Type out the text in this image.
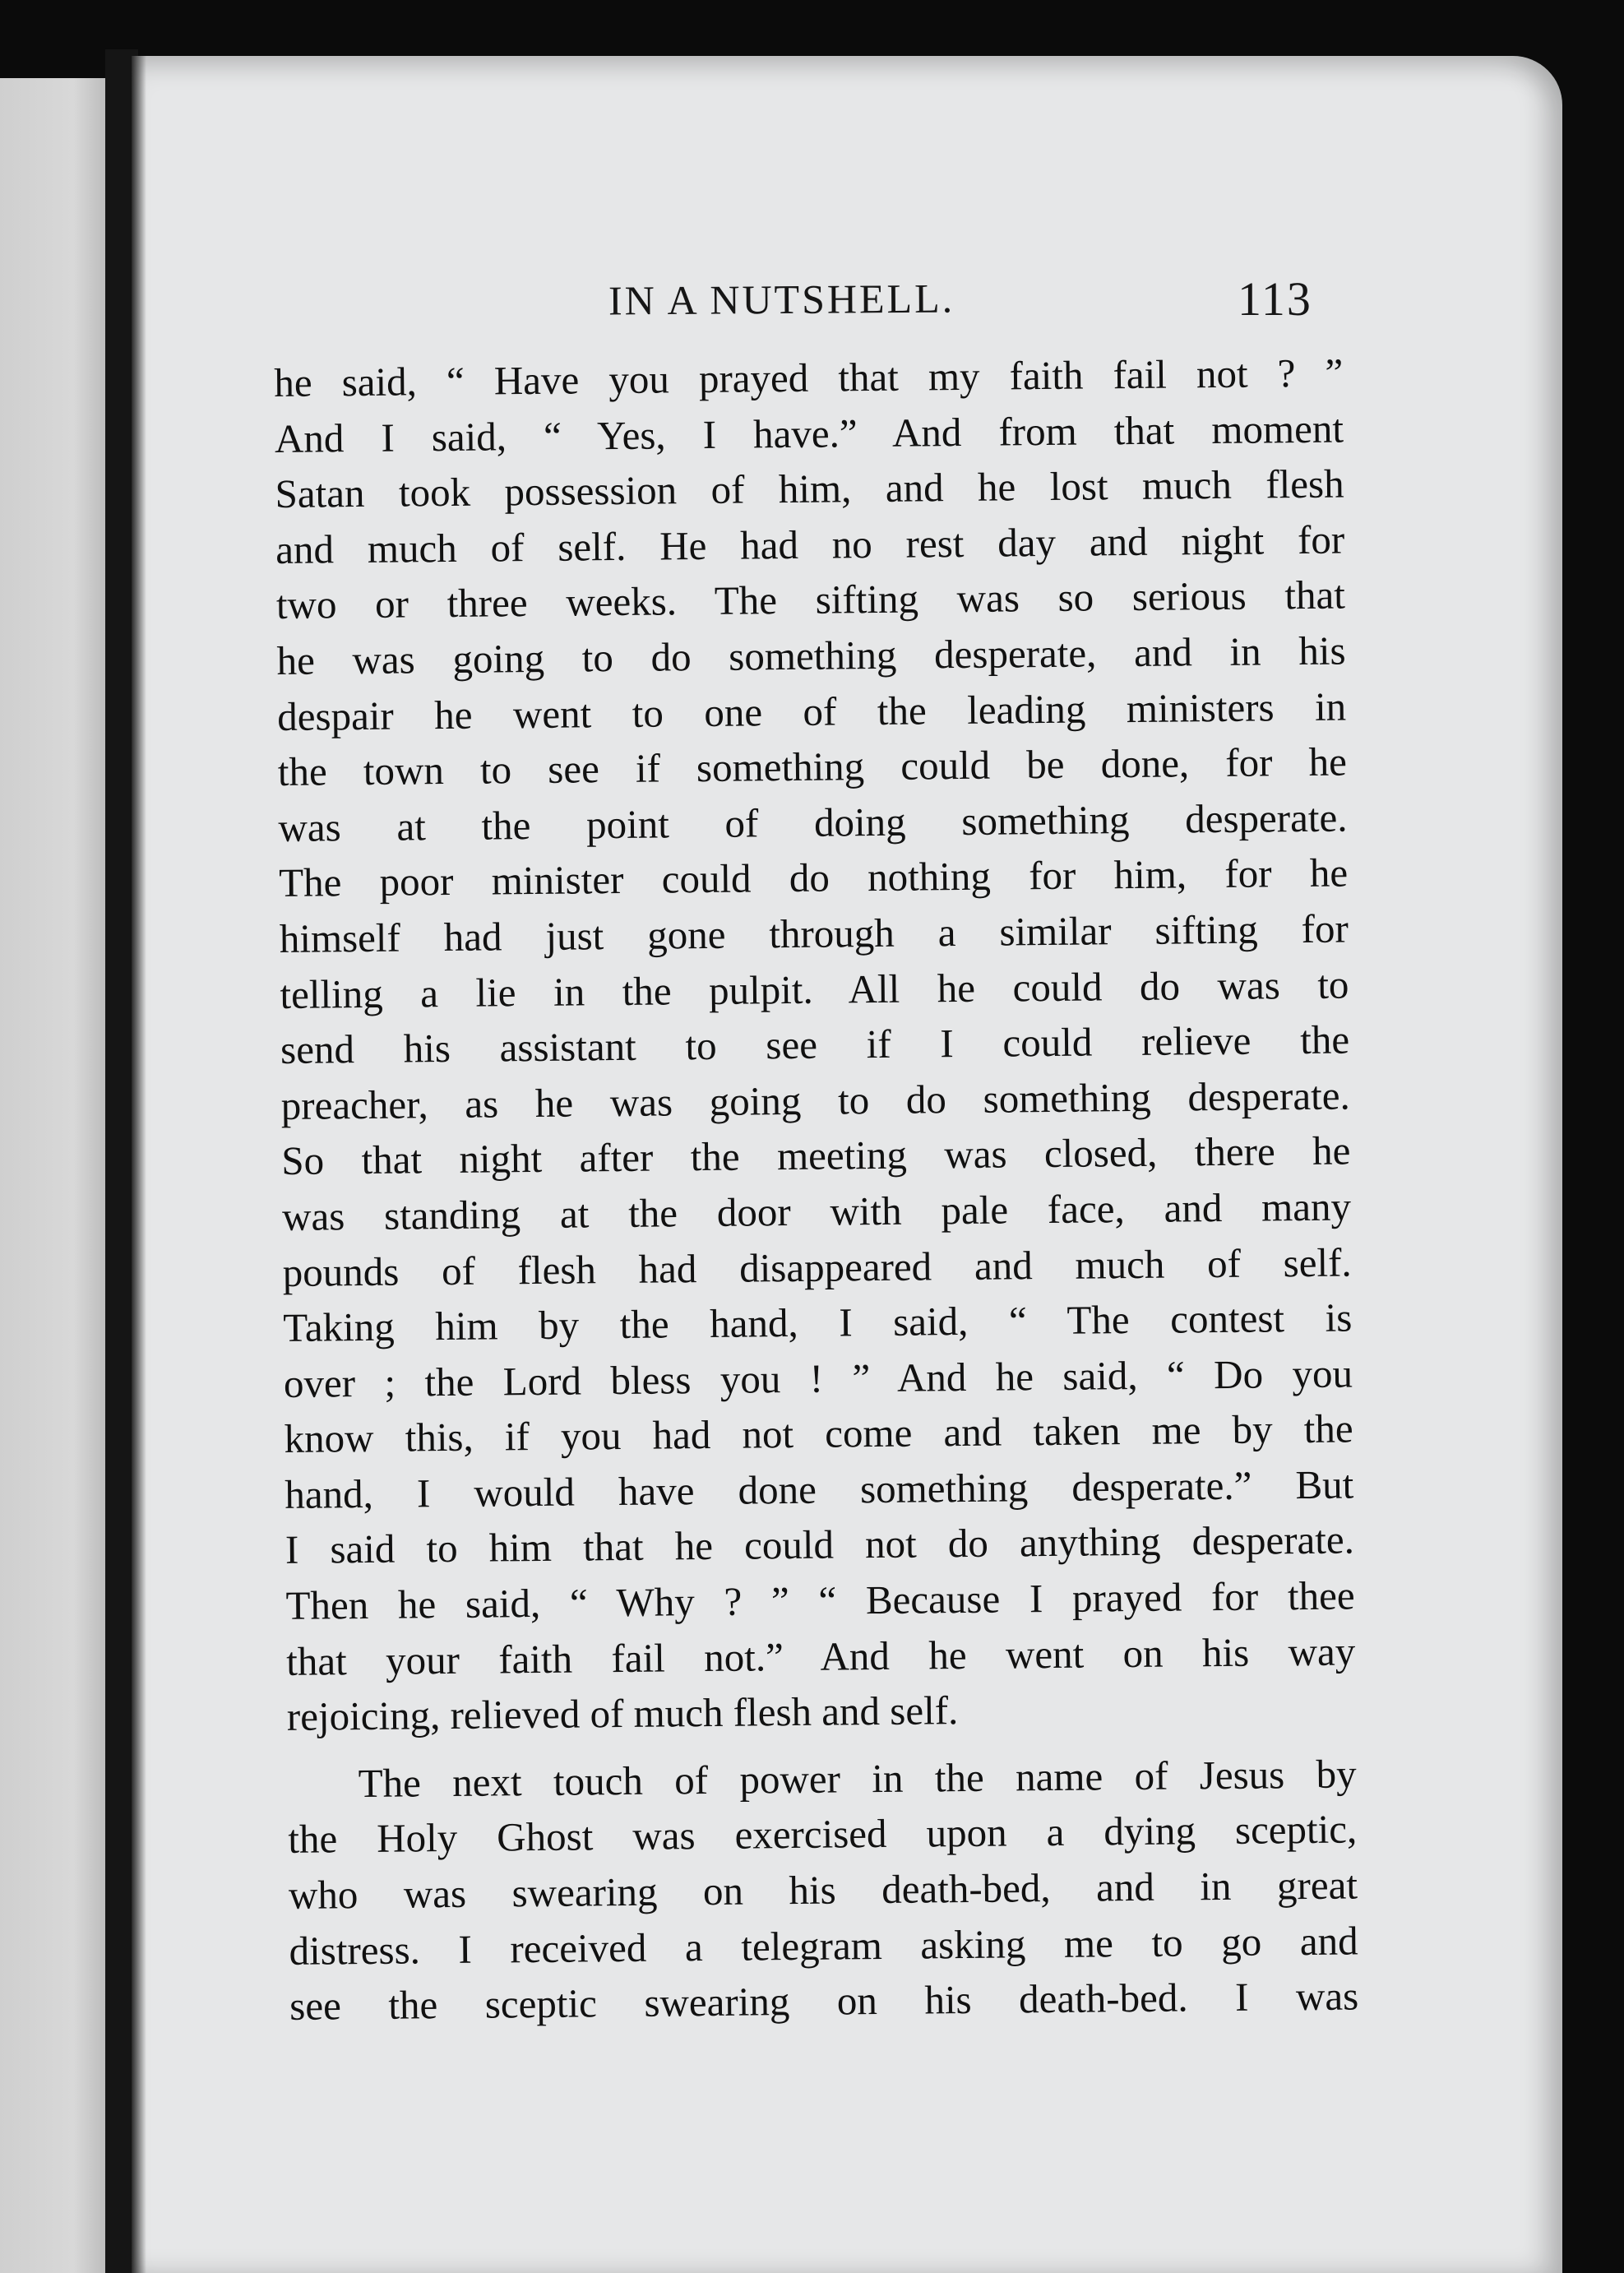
IN A NUTSHELL.	113
he said, “ Have you prayed that my faith fail not ? ”
And I said, “ Yes, I have.” And from that moment
Satan took possession of him, and he lost much flesh
and much of self. He had no rest day and night for
two or three weeks. The sifting was so serious that
he was going to do something desperate, and in his
despair he went to one of the leading ministers in
the town to see if something could be done, for he
was at the point of doing something desperate.
The poor minister could do nothing for him, for he
himself had just gone through a similar sifting for
telling a lie in the pulpit. All he could do was to
send his assistant to see if I could relieve the
preacher, as he was going to do something desperate.
So that night after the meeting was closed, there he
was standing at the door with pale face, and many
pounds of flesh had disappeared and much of self.
Taking him by the hand, I said, “ The contest is
over ; the Lord bless you ! ” And he said, “ Do you
know this, if you had not come and taken me by the
hand, I would have done something desperate.” But
I said to him that he could not do anything desperate.
Then he said, “ Why ? ” “ Because I prayed for thee
that your faith fail not.” And he went on his way
rejoicing, relieved of much flesh and self.
The next touch of power in the name of Jesus by
the Holy Ghost was exercised upon a dying sceptic,
who was swearing on his death-bed, and in great
distress. I received a telegram asking me to go and
see the sceptic swearing on his death-bed. I was
